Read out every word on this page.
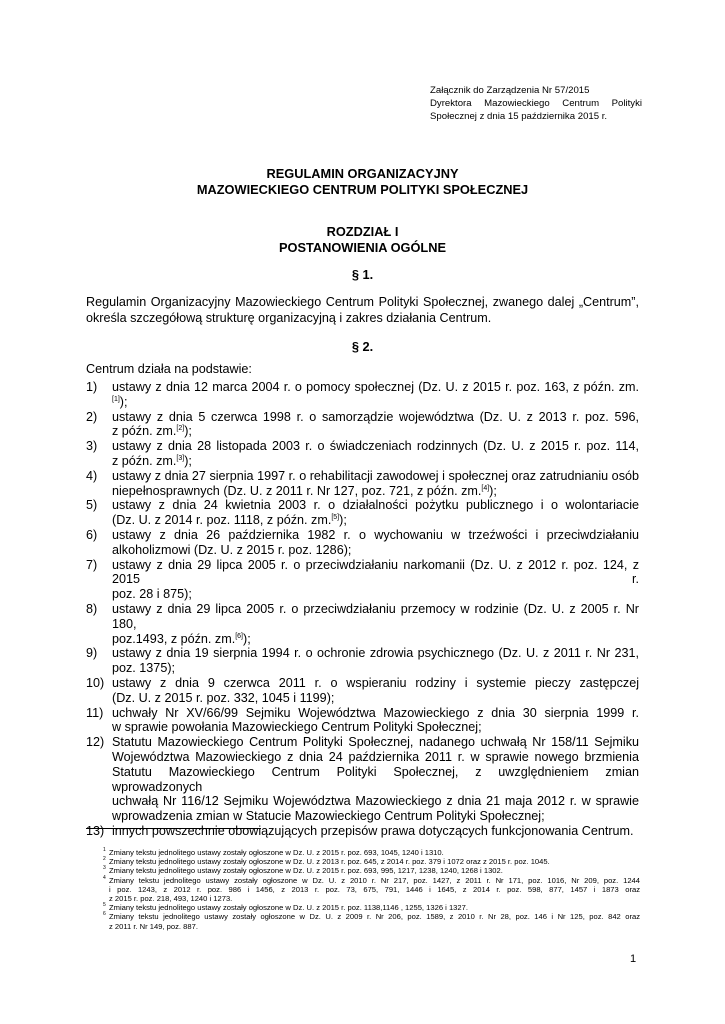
Załącznik do Zarządzenia Nr 57/2015
Dyrektora Mazowieckiego Centrum Polityki
Społecznej z dnia 15 października 2015 r.
REGULAMIN ORGANIZACYJNY
MAZOWIECKIEGO CENTRUM POLITYKI SPOŁECZNEJ
ROZDZIAŁ I
POSTANOWIENIA OGÓLNE
§ 1.
Regulamin Organizacyjny Mazowieckiego Centrum Polityki Społecznej, zwanego dalej „Centrum”,
określa szczegółową strukturę organizacyjną i zakres działania Centrum.
§ 2.
Centrum działa na podstawie:
1) ustawy z dnia 12 marca 2004 r. o pomocy społecznej (Dz. U. z 2015 r. poz. 163, z późn. zm.[1]);
2) ustawy z dnia 5 czerwca 1998 r. o samorządzie województwa (Dz. U. z 2013 r. poz. 596,
z późn. zm.[2]);
3) ustawy z dnia 28 listopada 2003 r. o świadczeniach rodzinnych (Dz. U. z 2015 r. poz. 114,
z późn. zm.[3]);
4) ustawy z dnia 27 sierpnia 1997 r. o rehabilitacji zawodowej i społecznej oraz zatrudnianiu osób
niepełnosprawnych (Dz. U. z 2011 r. Nr 127, poz. 721, z późn. zm.[4]);
5) ustawy z dnia 24 kwietnia 2003 r. o działalności pożytku publicznego i o wolontariacie
(Dz. U. z 2014 r. poz. 1118, z późn. zm.[5]);
6) ustawy z dnia 26 października 1982 r. o wychowaniu w trzeźwości i przeciwdziałaniu
alkoholizmowi (Dz. U. z 2015 r. poz. 1286);
7) ustawy z dnia 29 lipca 2005 r. o przeciwdziałaniu narkomanii (Dz. U. z 2012 r. poz. 124, z 2015 r.
poz. 28 i 875);
8) ustawy z dnia 29 lipca 2005 r. o przeciwdziałaniu przemocy w rodzinie (Dz. U. z 2005 r. Nr 180,
poz.1493, z późn. zm.[6]);
9) ustawy z dnia 19 sierpnia 1994 r. o ochronie zdrowia psychicznego (Dz. U. z 2011 r. Nr 231,
poz. 1375);
10) ustawy z dnia 9 czerwca 2011 r. o wspieraniu rodziny i systemie pieczy zastępczej
(Dz. U. z 2015 r. poz. 332, 1045 i 1199);
11) uchwały Nr XV/66/99 Sejmiku Województwa Mazowieckiego z dnia 30 sierpnia 1999 r.
w sprawie powołania Mazowieckiego Centrum Polityki Społecznej;
12) Statutu Mazowieckiego Centrum Polityki Społecznej, nadanego uchwałą Nr 158/11 Sejmiku
Województwa Mazowieckiego z dnia 24 października 2011 r. w sprawie nowego brzmienia
Statutu Mazowieckiego Centrum Polityki Społecznej, z uwzględnieniem zmian wprowadzonych
uchwałą Nr 116/12 Sejmiku Województwa Mazowieckiego z dnia 21 maja 2012 r. w sprawie
wprowadzenia zmian w Statucie Mazowieckiego Centrum Polityki Społecznej;
13) innych powszechnie obowiązujących przepisów prawa dotyczących funkcjonowania Centrum.
1 Zmiany tekstu jednolitego ustawy zostały ogłoszone w Dz. U. z 2015 r. poz. 693, 1045, 1240 i 1310.
2 Zmiany tekstu jednolitego ustawy zostały ogłoszone w Dz. U. z 2013 r. poz. 645, z 2014 r. poz. 379 i 1072 oraz z 2015 r. poz. 1045.
3 Zmiany tekstu jednolitego ustawy zostały ogłoszone w Dz. U. z 2015 r. poz. 693, 995, 1217, 1238, 1240, 1268 i 1302.
4 Zmiany tekstu jednolitego ustawy zostały ogłoszone w Dz. U. z 2010 r. Nr 217, poz. 1427, z 2011 r. Nr 171, poz. 1016, Nr 209, poz. 1244
i poz. 1243, z 2012 r. poz. 986 i 1456, z 2013 r. poz. 73, 675, 791, 1446 i 1645, z 2014 r. poz. 598, 877, 1457 i 1873 oraz
z 2015 r. poz. 218, 493, 1240 i 1273.
5 Zmiany tekstu jednolitego ustawy zostały ogłoszone w Dz. U. z 2015 r. poz. 1138,1146 , 1255, 1326 i 1327.
6 Zmiany tekstu jednolitego ustawy zostały ogłoszone w Dz. U. z 2009 r. Nr 206, poz. 1589, z 2010 r. Nr 28, poz. 146 i Nr 125, poz. 842 oraz
z 2011 r. Nr 149, poz. 887.
1
